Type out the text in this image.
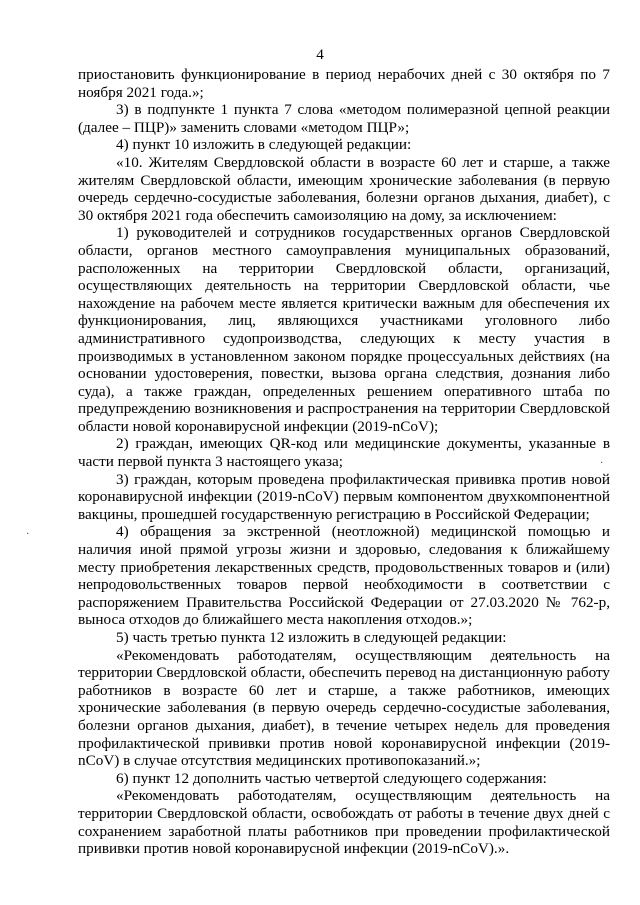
4
·
·

приостановить функционирование в период нерабочих дней с 30 октября по 7 ноября 2021 года.»;

3) в подпункте 1 пункта 7 слова «методом полимеразной цепной реакции (далее – ПЦР)» заменить словами «методом ПЦР»;

4) пункт 10 изложить в следующей редакции:

«10. Жителям Свердловской области в возрасте 60 лет и старше, а также жителям Свердловской области, имеющим хронические заболевания (в первую очередь сердечно-сосудистые заболевания, болезни органов дыхания, диабет), с 30 октября 2021 года обеспечить самоизоляцию на дому, за исключением:

1) руководителей и сотрудников государственных органов Свердловской области, органов местного самоуправления муниципальных образований, расположенных на территории Свердловской области, организаций, осуществляющих деятельность на территории Свердловской области, чье нахождение на рабочем месте является критически важным для обеспечения их функционирования, лиц, являющихся участниками уголовного либо административного судопроизводства, следующих к месту участия в производимых в установленном законом порядке процессуальных действиях (на основании удостоверения, повестки, вызова органа следствия, дознания либо суда), а также граждан, определенных решением оперативного штаба по предупреждению возникновения и распространения на территории Свердловской области новой коронавирусной инфекции (2019-nCoV);

2) граждан, имеющих QR-код или медицинские документы, указанные в части первой пункта 3 настоящего указа;

3) граждан, которым проведена профилактическая прививка против новой коронавирусной инфекции (2019-nCoV) первым компонентом двухкомпонентной вакцины, прошедшей государственную регистрацию в Российской Федерации;

4) обращения за экстренной (неотложной) медицинской помощью и наличия иной прямой угрозы жизни и здоровью, следования к ближайшему месту приобретения лекарственных средств, продовольственных товаров и (или) непродовольственных товаров первой необходимости в соответствии с распоряжением Правительства Российской Федерации от 27.03.2020 № 762-р, выноса отходов до ближайшего места накопления отходов.»;

5) часть третью пункта 12 изложить в следующей редакции:

«Рекомендовать работодателям, осуществляющим деятельность на территории Свердловской области, обеспечить перевод на дистанционную работу работников в возрасте 60 лет и старше, а также работников, имеющих хронические заболевания (в первую очередь сердечно-сосудистые заболевания, болезни органов дыхания, диабет), в течение четырех недель для проведения профилактической прививки против новой коронавирусной инфекции (2019-nCoV) в случае отсутствия медицинских противопоказаний.»;

6) пункт 12 дополнить частью четвертой следующего содержания:

«Рекомендовать работодателям, осуществляющим деятельность на территории Свердловской области, освобождать от работы в течение двух дней с сохранением заработной платы работников при проведении профилактической прививки против новой коронавирусной инфекции (2019-nCoV).».
